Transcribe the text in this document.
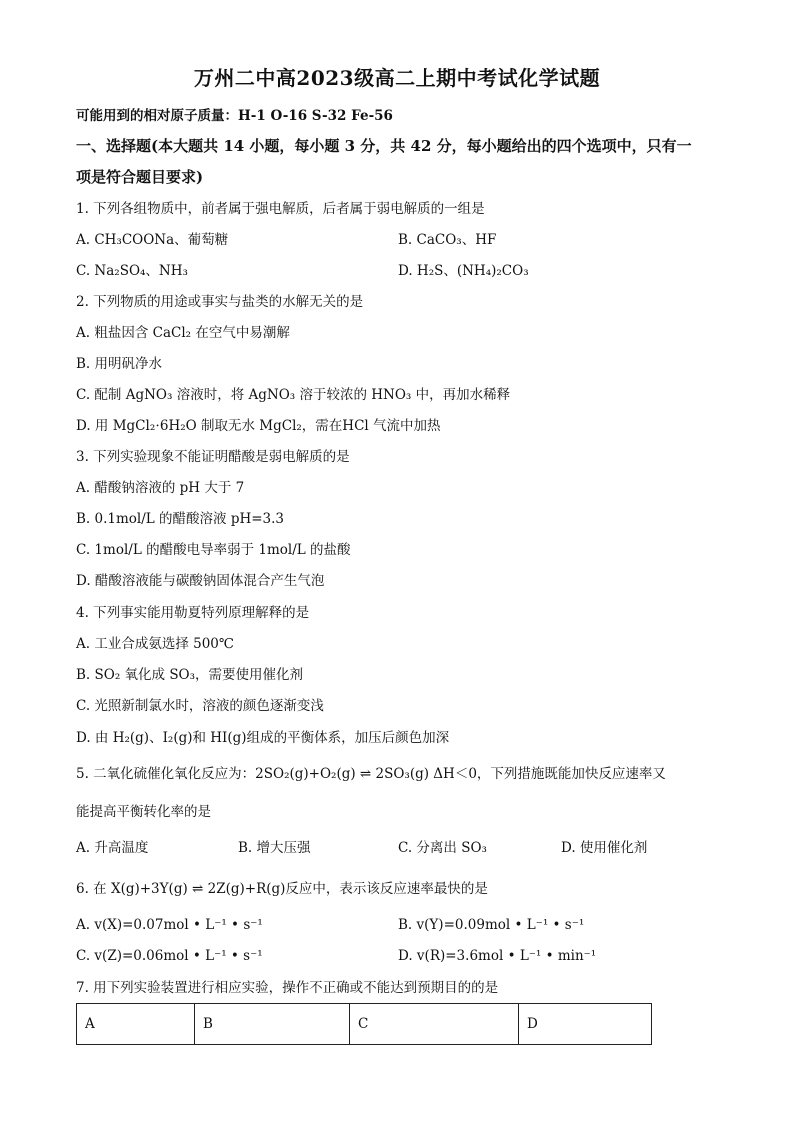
万州二中高2023级高二上期中考试化学试题
可能用到的相对原子质量：H-1 O-16 S-32 Fe-56
一、选择题(本大题共 14 小题，每小题 3 分，共 42 分，每小题给出的四个选项中，只有一
项是符合题目要求)
1. 下列各组物质中，前者属于强电解质，后者属于弱电解质的一组是
A. CH₃COONa、葡萄糖	B. CaCO₃、HF
C. Na₂SO₄、NH₃	D. H₂S、(NH₄)₂CO₃
2. 下列物质的用途或事实与盐类的水解无关的是
A. 粗盐因含 CaCl₂ 在空气中易潮解
B. 用明矾净水
C. 配制 AgNO₃ 溶液时，将 AgNO₃ 溶于较浓的 HNO₃ 中，再加水稀释
D. 用 MgCl₂⋅6H₂O 制取无水 MgCl₂，需在HCl 气流中加热
3. 下列实验现象不能证明醋酸是弱电解质的是
A. 醋酸钠溶液的 pH 大于 7
B. 0.1mol/L 的醋酸溶液 pH=3.3
C. 1mol/L 的醋酸电导率弱于 1mol/L 的盐酸
D. 醋酸溶液能与碳酸钠固体混合产生气泡
4. 下列事实能用勒夏特列原理解释的是
A. 工业合成氨选择 500℃
B. SO₂ 氧化成 SO₃，需要使用催化剂
C. 光照新制氯水时，溶液的颜色逐渐变浅
D. 由 H₂(g)、I₂(g)和 HI(g)组成的平衡体系，加压后颜色加深
5. 二氧化硫催化氧化反应为：2SO₂(g)+O₂(g) ⇌ 2SO₃(g) ΔH＜0，下列措施既能加快反应速率又
能提高平衡转化率的是
A. 升高温度	B. 增大压强	C. 分离出 SO₃	D. 使用催化剂
6. 在 X(g)+3Y(g) ⇌ 2Z(g)+R(g)反应中，表示该反应速率最快的是
A. v(X)=0.07mol • L⁻¹ • s⁻¹	B. v(Y)=0.09mol • L⁻¹ • s⁻¹
C. v(Z)=0.06mol • L⁻¹ • s⁻¹	D. v(R)=3.6mol • L⁻¹ • min⁻¹
7. 用下列实验装置进行相应实验，操作不正确或不能达到预期目的的是
A	B	C	D
